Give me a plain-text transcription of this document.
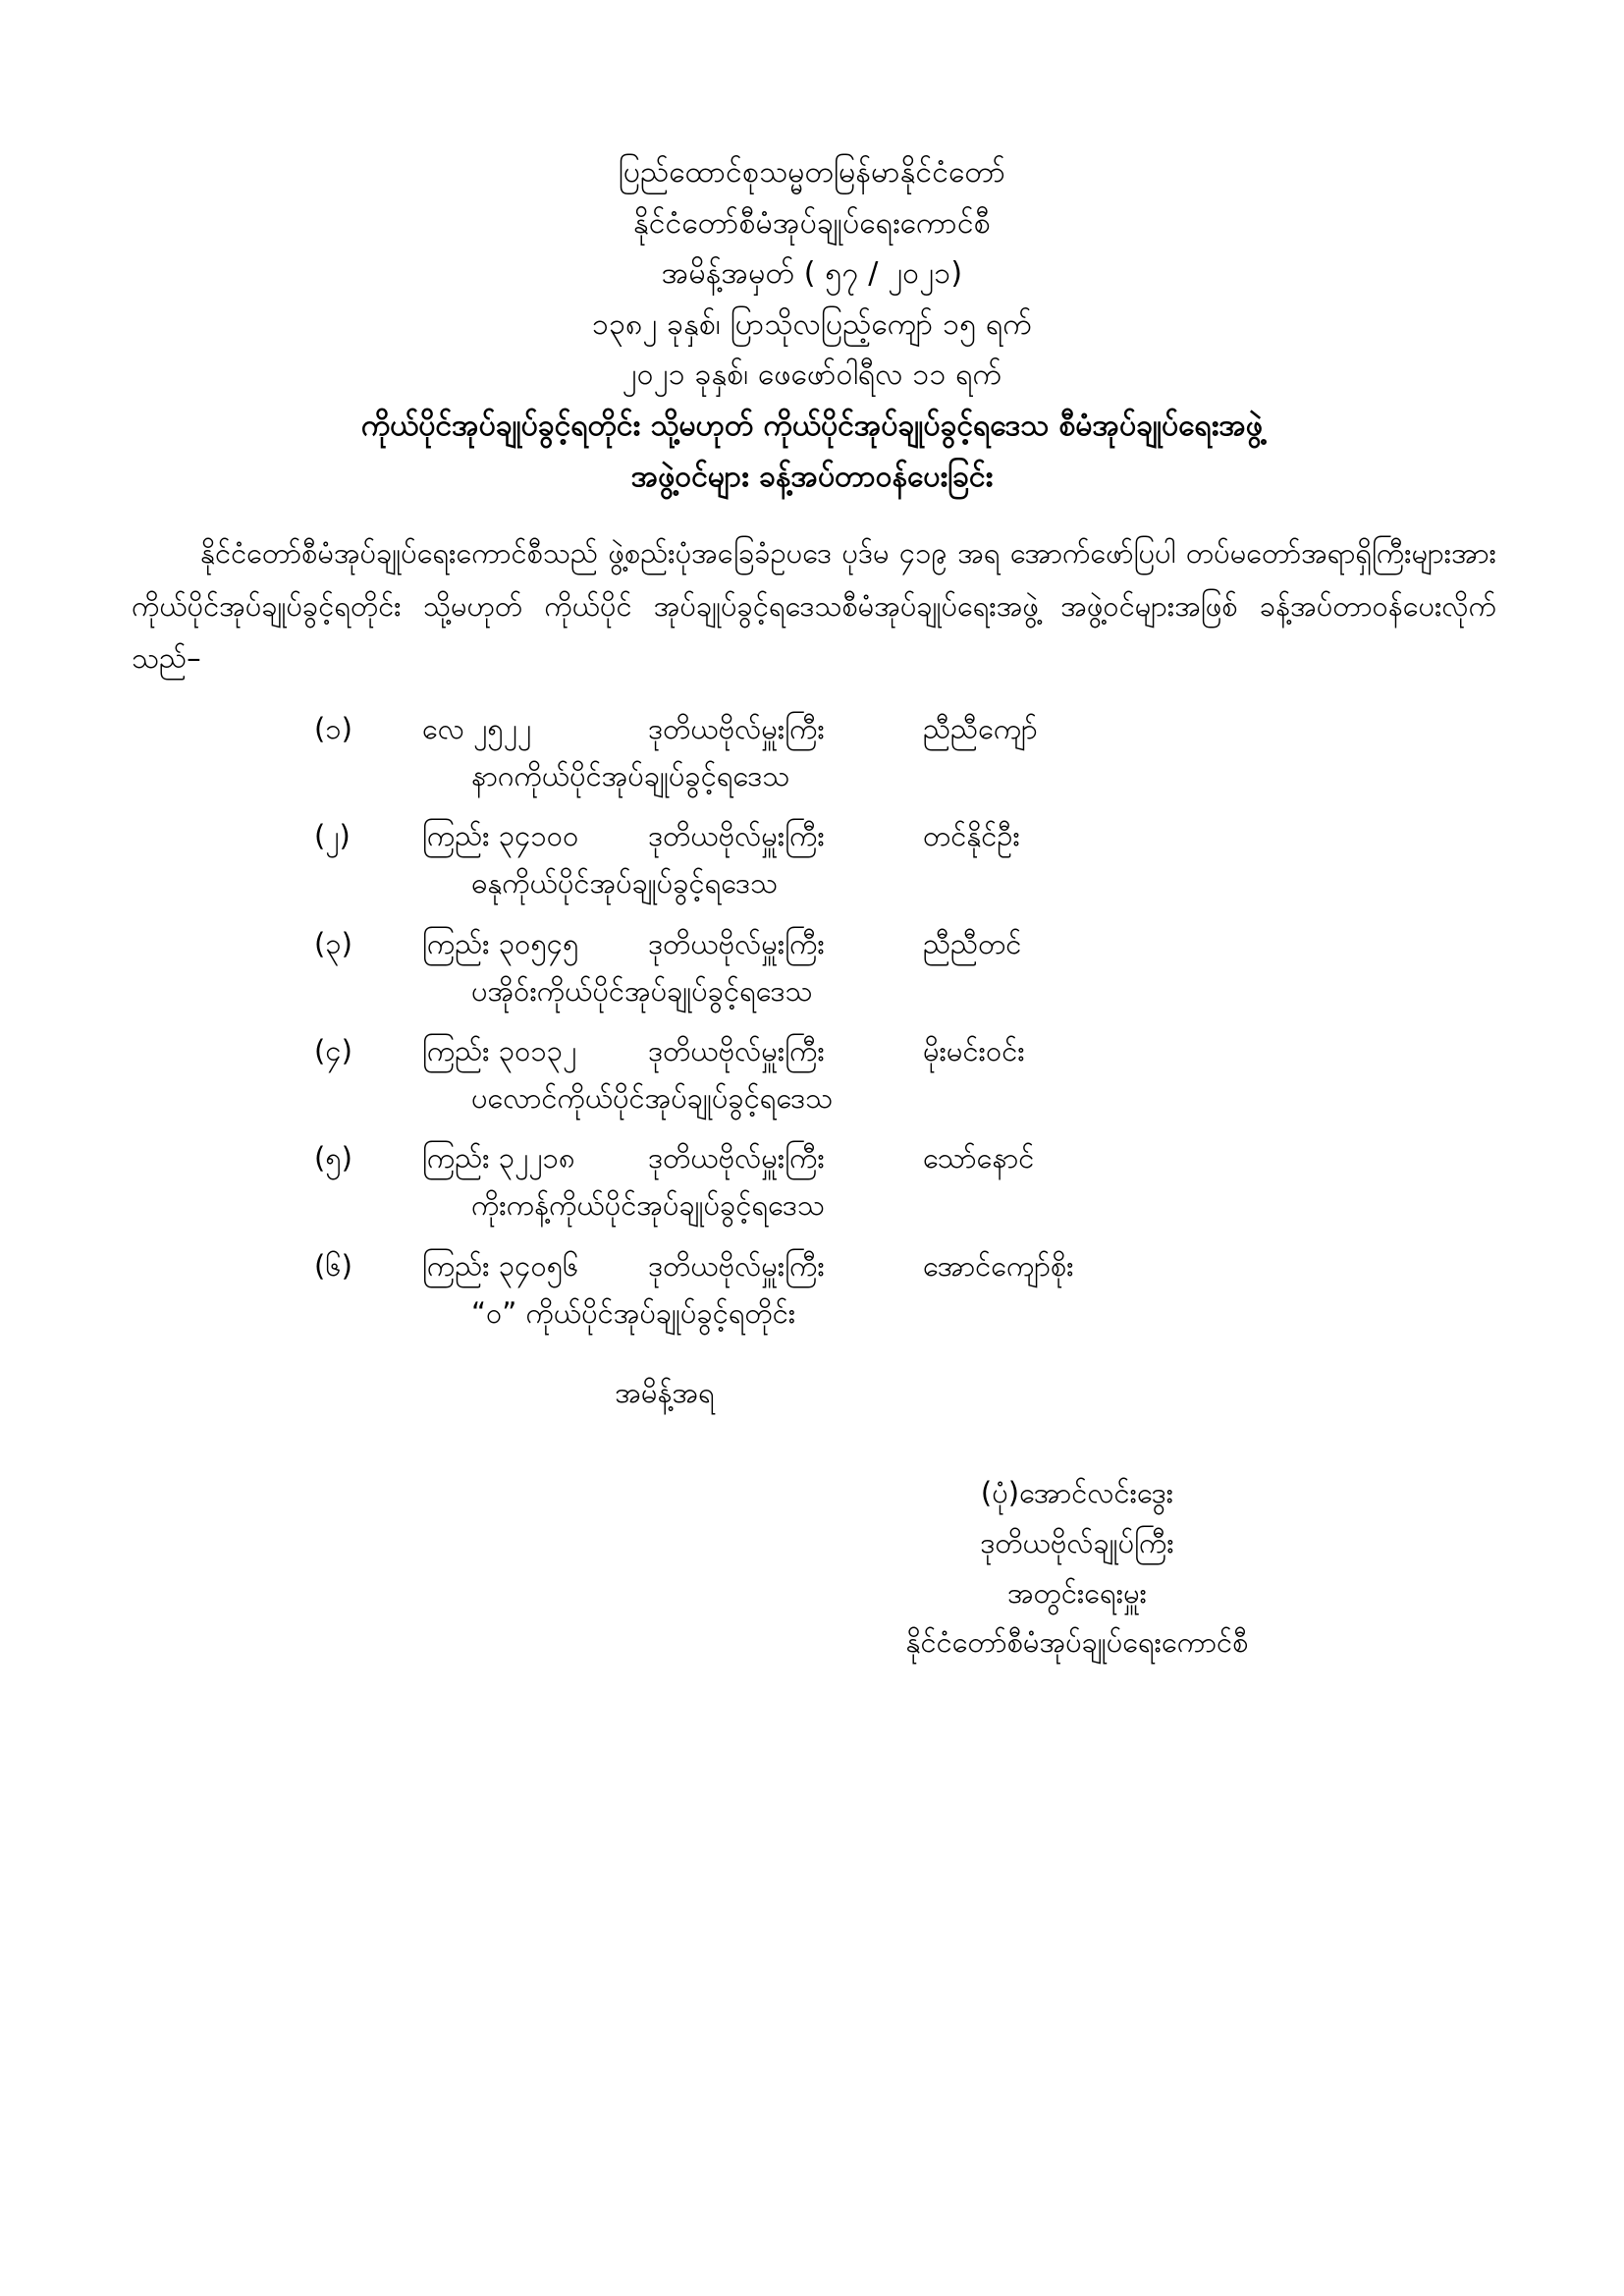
ပြည်ထောင်စုသမ္မတမြန်မာနိုင်ငံတော်
နိုင်ငံတော်စီမံအုပ်ချုပ်ရေးကောင်စီ
အမိန့်အမှတ် ( ၅၇ / ၂၀၂၁)
၁၃၈၂ ခုနှစ်၊ ပြာသိုလပြည့်ကျော် ၁၅ ရက်
၂၀၂၁ ခုနှစ်၊ ဖေဖော်ဝါရီလ ၁၁ ရက်
ကိုယ်ပိုင်အုပ်ချုပ်ခွင့်ရတိုင်း သို့မဟုတ် ကိုယ်ပိုင်အုပ်ချုပ်ခွင့်ရဒေသ စီမံအုပ်ချုပ်ရေးအဖွဲ့
အဖွဲ့ဝင်များ ခန့်အပ်တာဝန်ပေးခြင်း
နိုင်ငံတော်စီမံအုပ်ချုပ်ရေးကောင်စီသည် ဖွဲ့စည်းပုံအခြေခံဥပဒေ ပုဒ်မ ၄၁၉ အရ အောက်ဖော်ပြပါ တပ်မတော်အရာရှိကြီးများအား ကိုယ်ပိုင်အုပ်ချုပ်ခွင့်ရတိုင်း သို့မဟုတ် ကိုယ်ပိုင် အုပ်ချုပ်ခွင့်ရဒေသစီမံအုပ်ချုပ်ရေးအဖွဲ့ အဖွဲ့ဝင်များအဖြစ် ခန့်အပ်တာဝန်ပေးလိုက်သည်–
(၁)	လေ ၂၅၂၂	ဒုတိယဗိုလ်မှူးကြီး	ညီညီကျော်
နာဂကိုယ်ပိုင်အုပ်ချုပ်ခွင့်ရဒေသ
(၂)	ကြည်း ၃၄၁၀၀	ဒုတိယဗိုလ်မှူးကြီး	တင်နိုင်ဦး
ဓနုကိုယ်ပိုင်အုပ်ချုပ်ခွင့်ရဒေသ
(၃)	ကြည်း ၃၀၅၄၅	ဒုတိယဗိုလ်မှူးကြီး	ညီညီတင်
ပအိုဝ်းကိုယ်ပိုင်အုပ်ချုပ်ခွင့်ရဒေသ
(၄)	ကြည်း ၃၀၁၃၂	ဒုတိယဗိုလ်မှူးကြီး	မိုးမင်းဝင်း
ပလောင်ကိုယ်ပိုင်အုပ်ချုပ်ခွင့်ရဒေသ
(၅)	ကြည်း ၃၂၂၁၈	ဒုတိယဗိုလ်မှူးကြီး	သော်နောင်
ကိုးကန့်ကိုယ်ပိုင်အုပ်ချုပ်ခွင့်ရဒေသ
(၆)	ကြည်း ၃၄၀၅၆	ဒုတိယဗိုလ်မှူးကြီး	အောင်ကျော်စိုး
“ဝ” ကိုယ်ပိုင်အုပ်ချုပ်ခွင့်ရတိုင်း
အမိန့်အရ
(ပုံ)အောင်လင်းဒွေး
ဒုတိယဗိုလ်ချုပ်ကြီး
အတွင်းရေးမှူး
နိုင်ငံတော်စီမံအုပ်ချုပ်ရေးကောင်စီ
